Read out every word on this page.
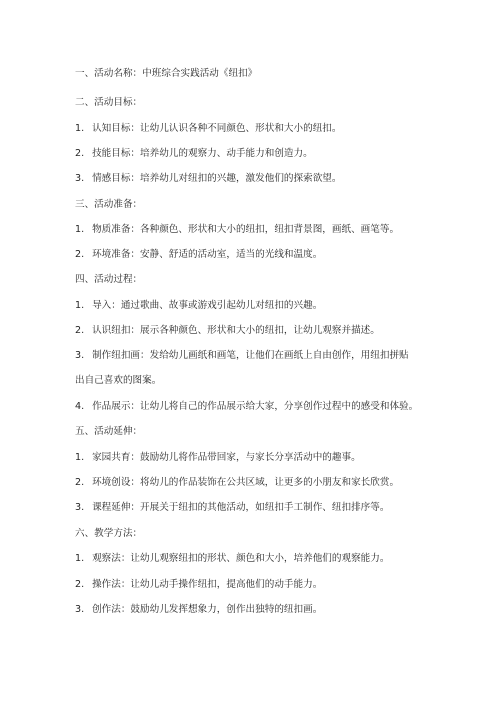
一、活动名称：中班综合实践活动《纽扣》
二、活动目标：
1. 认知目标：让幼儿认识各种不同颜色、形状和大小的纽扣。
2. 技能目标：培养幼儿的观察力、动手能力和创造力。
3. 情感目标：培养幼儿对纽扣的兴趣，激发他们的探索欲望。
三、活动准备：
1. 物质准备：各种颜色、形状和大小的纽扣，纽扣背景图，画纸、画笔等。
2. 环境准备：安静、舒适的活动室，适当的光线和温度。
四、活动过程：
1. 导入：通过歌曲、故事或游戏引起幼儿对纽扣的兴趣。
2. 认识纽扣：展示各种颜色、形状和大小的纽扣，让幼儿观察并描述。
3. 制作纽扣画：发给幼儿画纸和画笔，让他们在画纸上自由创作，用纽扣拼贴
出自己喜欢的图案。
4. 作品展示：让幼儿将自己的作品展示给大家，分享创作过程中的感受和体验。
五、活动延伸：
1. 家园共育：鼓励幼儿将作品带回家，与家长分享活动中的趣事。
2. 环境创设：将幼儿的作品装饰在公共区域，让更多的小朋友和家长欣赏。
3. 课程延伸：开展关于纽扣的其他活动，如纽扣手工制作、纽扣排序等。
六、教学方法：
1. 观察法：让幼儿观察纽扣的形状、颜色和大小，培养他们的观察能力。
2. 操作法：让幼儿动手操作纽扣，提高他们的动手能力。
3. 创作法：鼓励幼儿发挥想象力，创作出独特的纽扣画。
